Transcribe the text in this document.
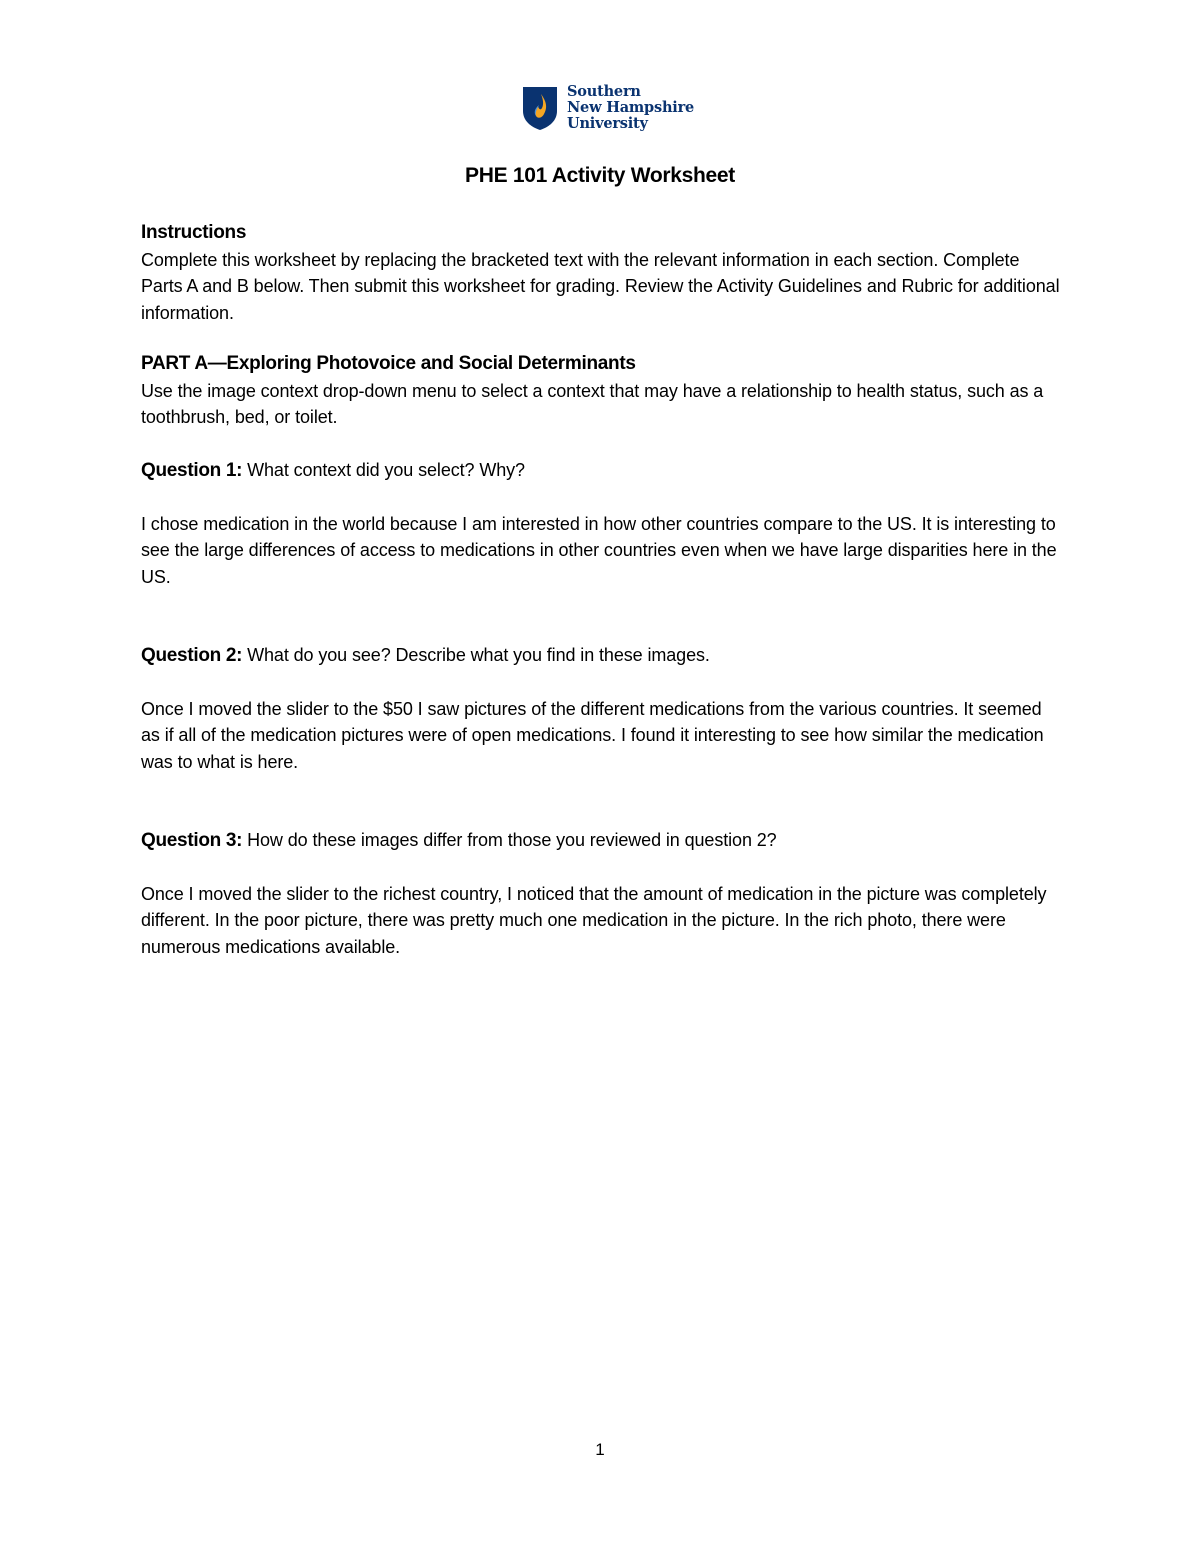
Southern
New Hampshire
University
PHE 101 Activity Worksheet

Instructions

Complete this worksheet by replacing the bracketed text with the relevant information in each section. Complete Parts A and B below. Then submit this worksheet for grading. Review the Activity Guidelines and Rubric for additional information.

PART A—Exploring Photovoice and Social Determinants

Use the image context drop-down menu to select a context that may have a relationship to health status, such as a toothbrush, bed, or toilet.

Question 1: What context did you select? Why?

I chose medication in the world because I am interested in how other countries compare to the US. It is interesting to see the large differences of access to medications in other countries even when we have large disparities here in the US.

Question 2: What do you see? Describe what you find in these images.

Once I moved the slider to the $50 I saw pictures of the different medications from the various countries. It seemed as if all of the medication pictures were of open medications. I found it interesting to see how similar the medication was to what is here.

Question 3: How do these images differ from those you reviewed in question 2?

Once I moved the slider to the richest country, I noticed that the amount of medication in the picture was completely different. In the poor picture, there was pretty much one medication in the picture. In the rich photo, there were numerous medications available.

1
